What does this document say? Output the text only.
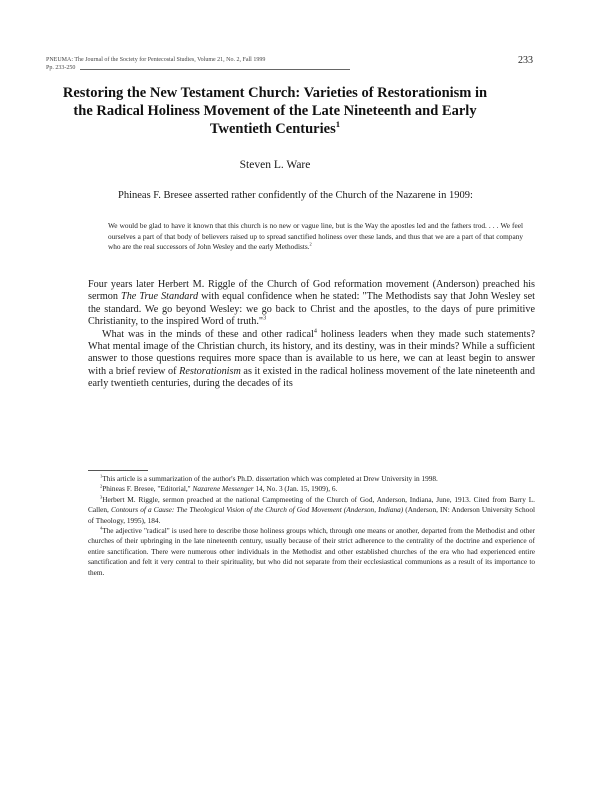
PNEUMA: The Journal of the Society for Pentecostal Studies, Volume 21, No. 2, Fall 1999
Pp. 233-250
233
Restoring the New Testament Church: Varieties of Restorationism in the Radical Holiness Movement of the Late Nineteenth and Early Twentieth Centuries$^1$
Steven L. Ware
Phineas F. Bresee asserted rather confidently of the Church of the Nazarene in 1909:
We would be glad to have it known that this church is no new or vague line, but is the Way the apostles led and the fathers trod. . . . We feel ourselves a part of that body of believers raised up to spread sanctified holiness over these lands, and thus that we are a part of that company who are the real successors of John Wesley and the early Methodists.$^2$

Four years later Herbert M. Riggle of the Church of God reformation movement (Anderson) preached his sermon The True Standard with equal confidence when he stated: "The Methodists say that John Wesley set the standard. We go beyond Wesley: we go back to Christ and the apostles, to the days of pure primitive Christianity, to the inspired Word of truth."$^3$

What was in the minds of these and other radical$^4$ holiness leaders when they made such statements? What mental image of the Christian church, its history, and its destiny, was in their minds? While a sufficient answer to those questions requires more space than is available to us here, we can at least begin to answer with a brief review of Restorationism as it existed in the radical holiness movement of the late nineteenth and early twentieth centuries, during the decades of its

$^1$This article is a summarization of the author's Ph.D. dissertation which was completed at Drew University in 1998.

$^2$Phineas F. Bresee, "Editorial," Nazarene Messenger 14, No. 3 (Jan. 15, 1909), 6.

$^3$Herbert M. Riggle, sermon preached at the national Campmeeting of the Church of God, Anderson, Indiana, June, 1913. Cited from Barry L. Callen, Contours of a Cause: The Theological Vision of the Church of God Movement (Anderson, Indiana) (Anderson, IN: Anderson University School of Theology, 1995), 184.

$^4$The adjective "radical" is used here to describe those holiness groups which, through one means or another, departed from the Methodist and other churches of their upbringing in the late nineteenth century, usually because of their strict adherence to the centrality of the doctrine and experience of entire sanctification. There were numerous other individuals in the Methodist and other established churches of the era who had experienced entire sanctification and felt it very central to their spirituality, but who did not separate from their ecclesiastical communions as a result of its importance to them.
